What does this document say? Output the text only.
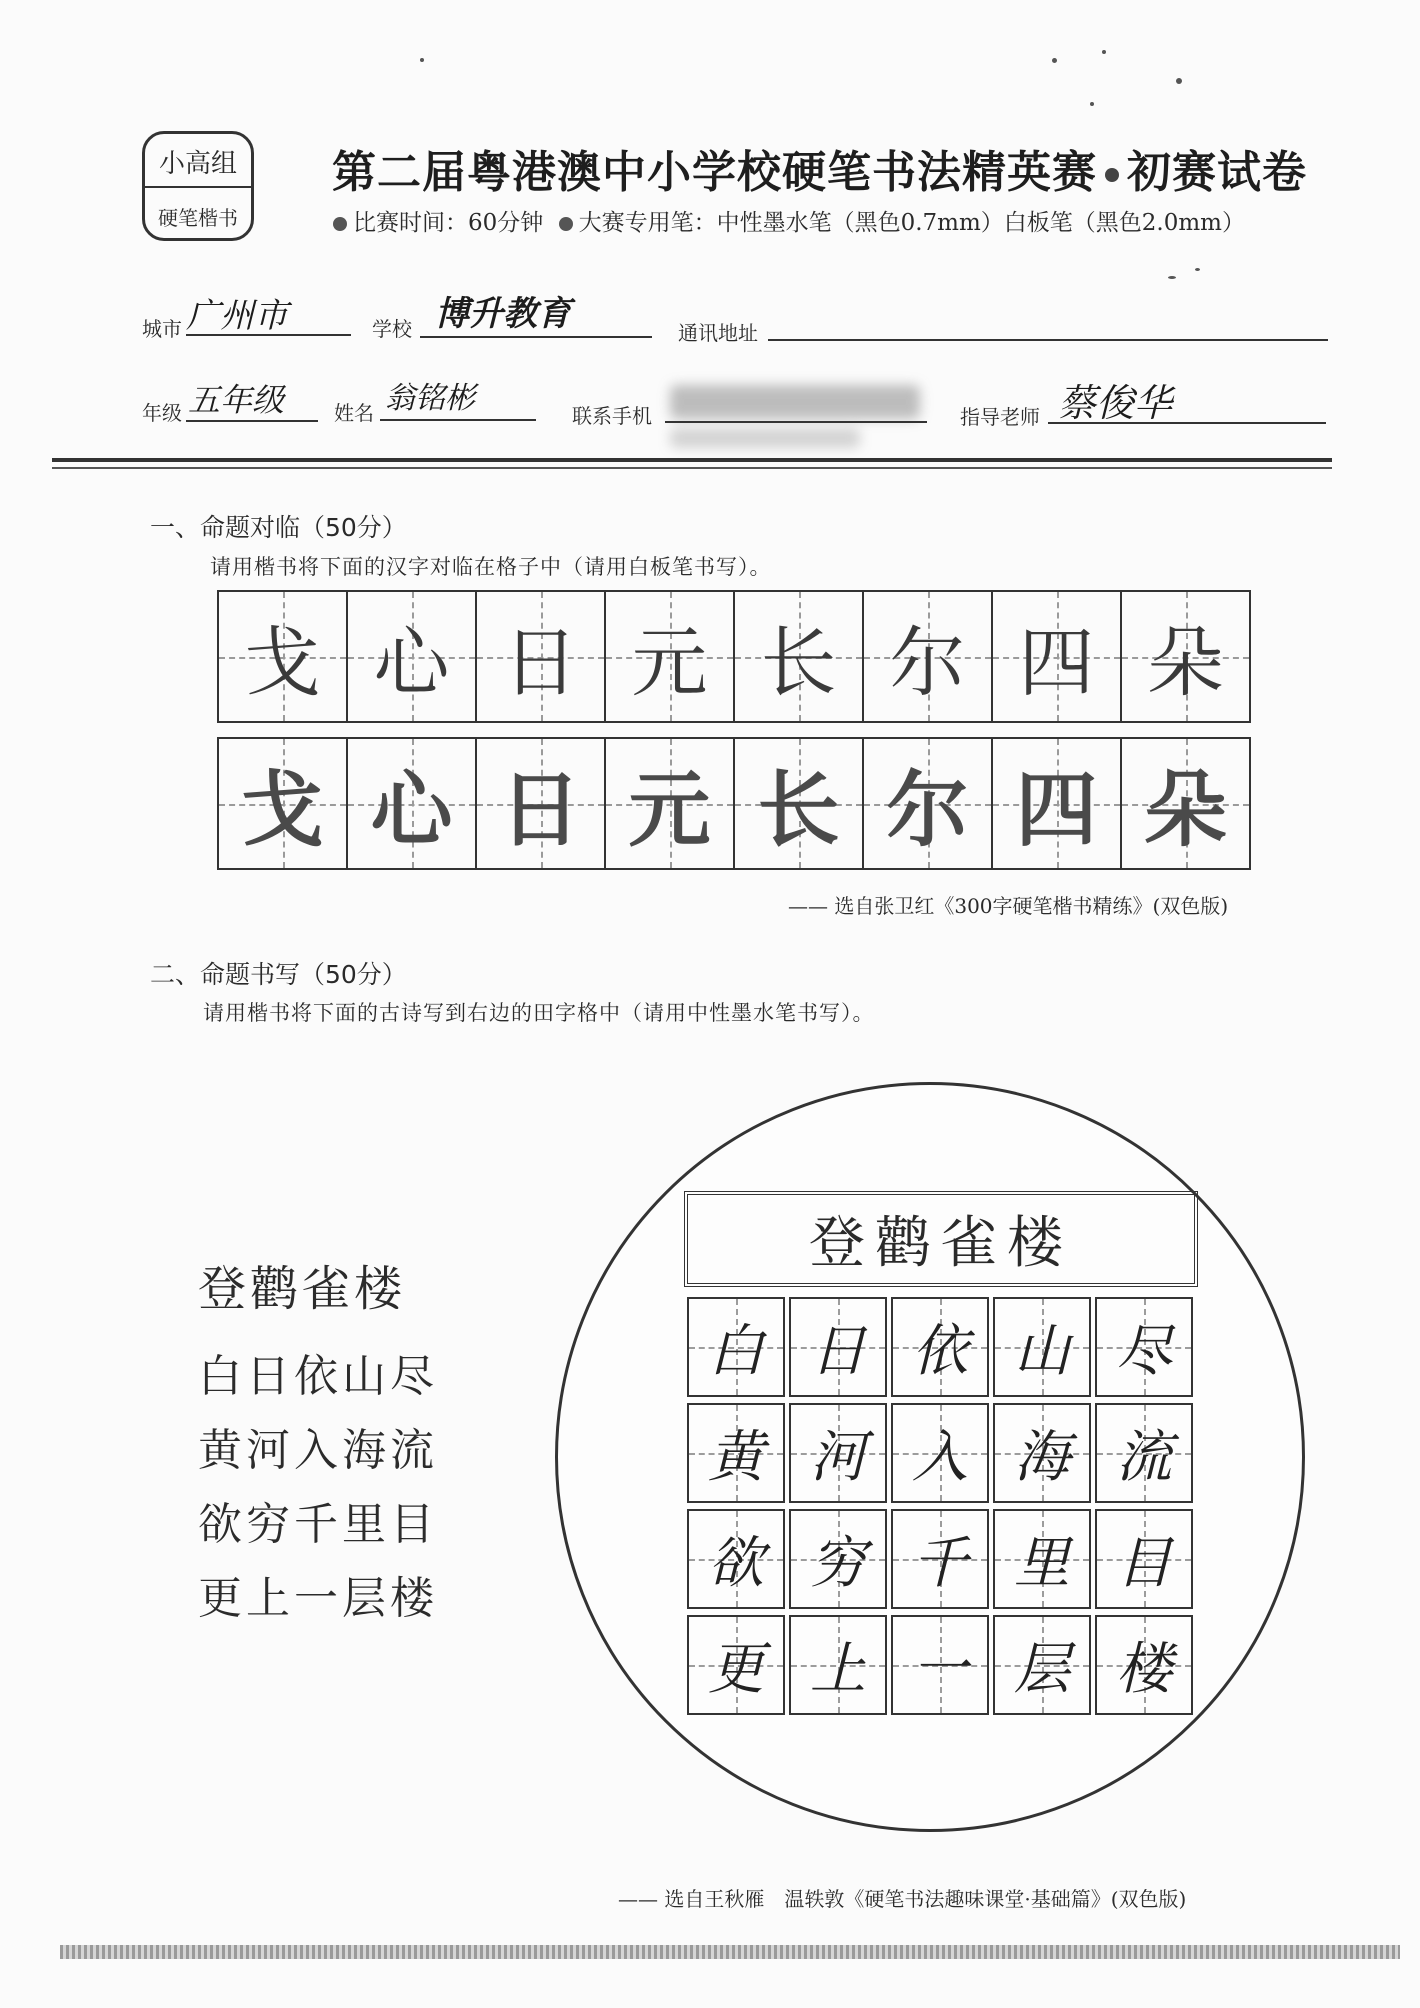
小高组
硬笔楷书
第二届粤港澳中小学校硬笔书法精英赛 初赛试卷
比赛时间：60分钟 大赛专用笔：中性墨水笔（黑色0.7mm）白板笔（黑色2.0mm）
城市 广州市	学校 博升教育	通讯地址
年级 五年级 姓名 翁铭彬	联系手机	指导老师 蔡俊华
一、命题对临（50分）
请用楷书将下面的汉字对临在格子中（请用白板笔书写）。
戈 心 日 元 长 尔 四 朵
戈 心 日 元 长 尔 四 朵
—— 选自张卫红《300字硬笔楷书精练》(双色版)
二、命题书写（50分）
请用楷书将下面的古诗写到右边的田字格中（请用中性墨水笔书写）。
登鹳雀楼
白日依山尽
黄河入海流
欲穷千里目
更上一层楼
登鹳雀楼
白 日 依 山 尽
黄 河 入 海 流
欲 穷 千 里 目
更 上 一 层 楼
—— 选自王秋雁　温轶敦《硬笔书法趣味课堂·基础篇》(双色版)
